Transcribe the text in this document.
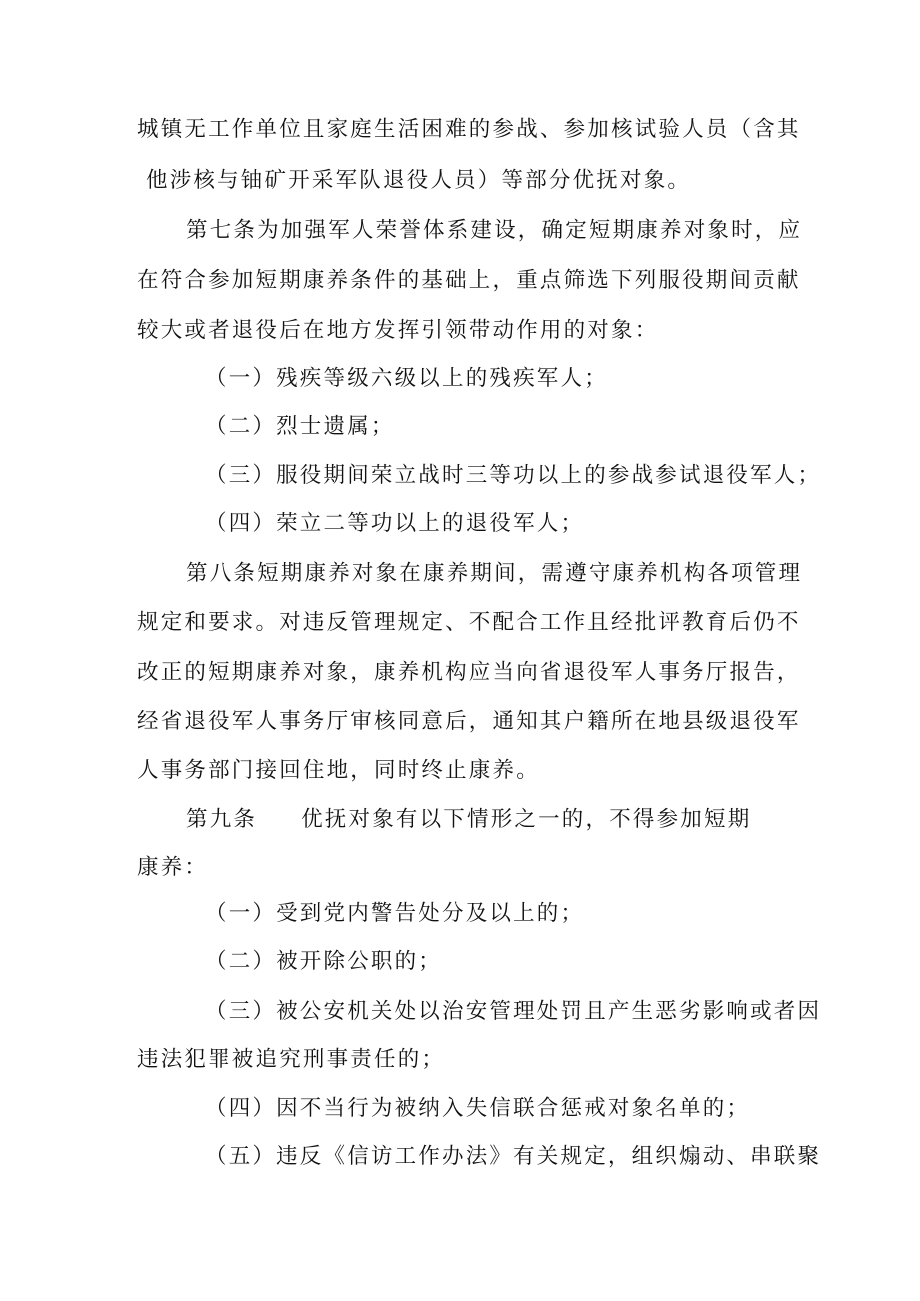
城镇无工作单位且家庭生活困难的参战、参加核试验人员（含其
他涉核与铀矿开采军队退役人员）等部分优抚对象。
第七条为加强军人荣誉体系建设，确定短期康养对象时，应
在符合参加短期康养条件的基础上，重点筛选下列服役期间贡献
较大或者退役后在地方发挥引领带动作用的对象：
（一）残疾等级六级以上的残疾军人；
（二）烈士遗属；
（三）服役期间荣立战时三等功以上的参战参试退役军人；
（四）荣立二等功以上的退役军人；
第八条短期康养对象在康养期间，需遵守康养机构各项管理
规定和要求。对违反管理规定、不配合工作且经批评教育后仍不
改正的短期康养对象，康养机构应当向省退役军人事务厅报告，
经省退役军人事务厅审核同意后，通知其户籍所在地县级退役军
人事务部门接回住地，同时终止康养。
第九条 优抚对象有以下情形之一的，不得参加短期
康养：
（一）受到党内警告处分及以上的；
（二）被开除公职的；
（三）被公安机关处以治安管理处罚且产生恶劣影响或者因
违法犯罪被追究刑事责任的；
（四）因不当行为被纳入失信联合惩戒对象名单的；
（五）违反《信访工作办法》有关规定，组织煽动、串联聚
